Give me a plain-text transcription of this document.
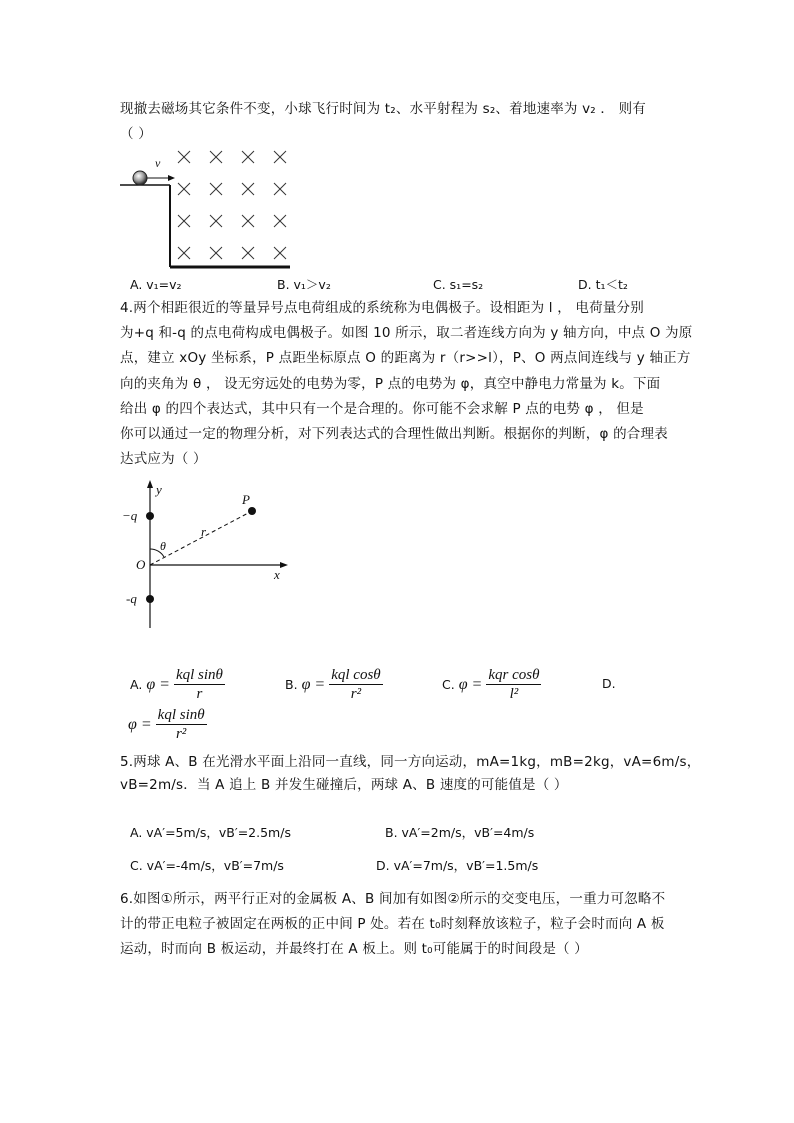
现撤去磁场其它条件不变，小球飞行时间为 t₂、水平射程为 s₂、着地速率为 v₂ ． 则有
（ ）
v
A. v₁=v₂	B. v₁＞v₂	C. s₁=s₂	D. t₁＜t₂
4.两个相距很近的等量异号点电荷组成的系统称为电偶极子。设相距为 l ， 电荷量分别
为+q 和-q 的点电荷构成电偶极子。如图 10 所示，取二者连线方向为 y 轴方向，中点 O 为原
点，建立 xOy 坐标系，P 点距坐标原点 O 的距离为 r（r>>l），P、O 两点间连线与 y 轴正方
向的夹角为 θ ， 设无穷远处的电势为零，P 点的电势为 φ，真空中静电力常量为 k。下面
给出 φ 的四个表达式，其中只有一个是合理的。你可能不会求解 P 点的电势 φ ， 但是
你可以通过一定的物理分析，对下列表达式的合理性做出判断。根据你的判断，φ 的合理表
达式应为（ ）
y
x
O
P
r
θ
−q
-q
A. $\varphi = \frac{\text{kql sinθ}}{r}$	B. $\varphi = \frac{\text{kql cosθ}}{\text{r²}}$	C. $\varphi = \frac{\text{kqr cosθ}}{\text{l²}}$	D.
$\varphi = \frac{\text{kql sinθ}}{\text{r²}}$
5.两球 A、B 在光滑水平面上沿同一直线，同一方向运动，mA=1kg，mB=2kg，vA=6m/s，
vB=2m/s．当 A 追上 B 并发生碰撞后，两球 A、B 速度的可能值是（ ）
A. vA′=5m/s，vB′=2.5m/s	B. vA′=2m/s，vB′=4m/s
C. vA′=-4m/s，vB′=7m/s	D. vA′=7m/s，vB′=1.5m/s
6.如图①所示，两平行正对的金属板 A、B 间加有如图②所示的交变电压，一重力可忽略不
计的带正电粒子被固定在两板的正中间 P 处。若在 t₀时刻释放该粒子，粒子会时而向 A 板
运动，时而向 B 板运动，并最终打在 A 板上。则 t₀可能属于的时间段是（ ）
